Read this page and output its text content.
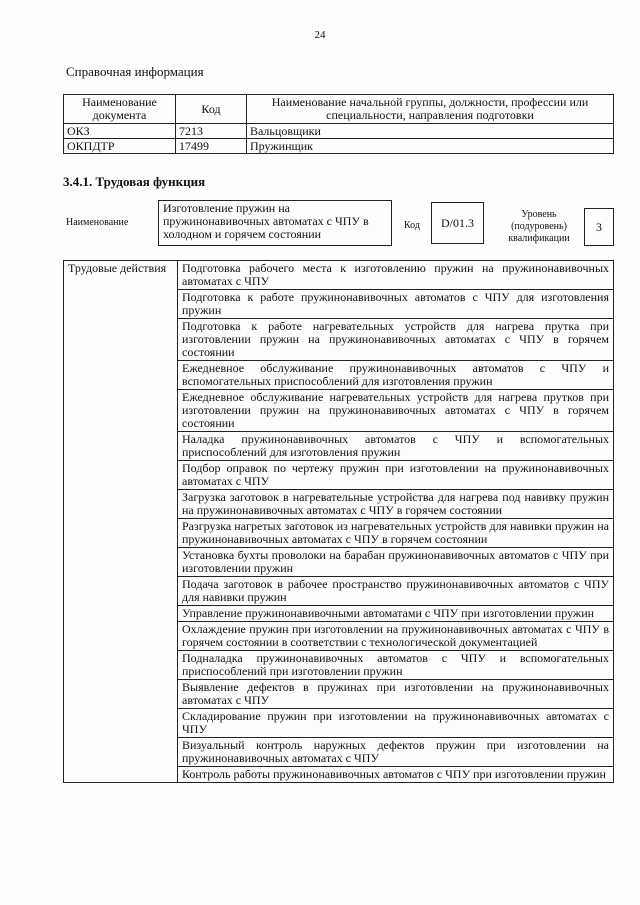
24
Справочная информация
Наименование документа	Код	Наименование начальной группы, должности, профессии или специальности, направления подготовки
ОКЗ	7213	Вальцовщики
ОКПДТР	17499	Пружинщик
3.4.1. Трудовая функция
Наименование
Изготовление пружин на пружинонавивочных автоматах с ЧПУ в холодном и горячем состоянии
Код	D/01.3
Уровень (подуровень) квалификации
3
Трудовые действия	Подготовка рабочего места к изготовлению пружин на пружинонавивочных автоматах с ЧПУ
Подготовка к работе пружинонавивочных автоматов с ЧПУ для изготовления пружин
Подготовка к работе нагревательных устройств для нагрева прутка при изготовлении пружин на пружинонавивочных автоматах с ЧПУ в горячем состоянии
Ежедневное обслуживание пружинонавивочных автоматов с ЧПУ и вспомогательных приспособлений для изготовления пружин
Ежедневное обслуживание нагревательных устройств для нагрева прутков при изготовлении пружин на пружинонавивочных автоматах с ЧПУ в горячем состоянии
Наладка пружинонавивочных автоматов с ЧПУ и вспомогательных приспособлений для изготовления пружин
Подбор оправок по чертежу пружин при изготовлении на пружинонавивочных автоматах с ЧПУ
Загрузка заготовок в нагревательные устройства для нагрева под навивку пружин на пружинонавивочных автоматах с ЧПУ в горячем состоянии
Разгрузка нагретых заготовок из нагревательных устройств для навивки пружин на пружинонавивочных автоматах с ЧПУ в горячем состоянии
Установка бухты проволоки на барабан пружинонавивочных автоматов с ЧПУ при изготовлении пружин
Подача заготовок в рабочее пространство пружинонавивочных автоматов с ЧПУ для навивки пружин
Управление пружинонавивочными автоматами с ЧПУ при изготовлении пружин
Охлаждение пружин при изготовлении на пружинонавивочных автоматах с ЧПУ в горячем состоянии в соответствии с технологической документацией
Подналадка пружинонавивочных автоматов с ЧПУ и вспомогательных приспособлений при изготовлении пружин
Выявление дефектов в пружинах при изготовлении на пружинонавивочных автоматах с ЧПУ
Складирование пружин при изготовлении на пружинонавивочных автоматах с ЧПУ
Визуальный контроль наружных дефектов пружин при изготовлении на пружинонавивочных автоматах с ЧПУ
Контроль работы пружинонавивочных автоматов с ЧПУ при изготовлении пружин
